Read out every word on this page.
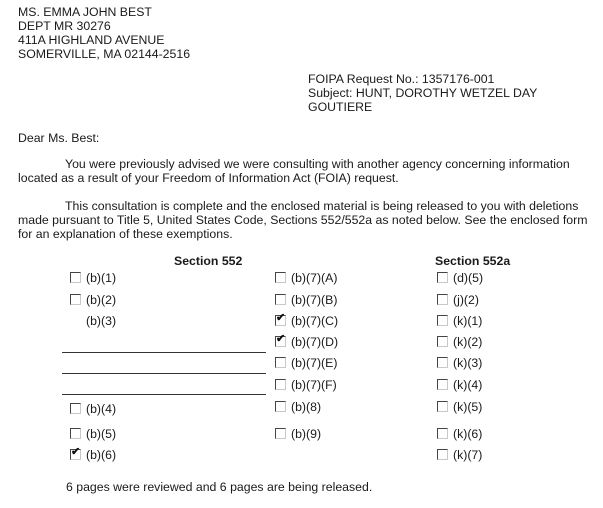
MS. EMMA JOHN BEST
DEPT MR 30276
411A HIGHLAND AVENUE
SOMERVILLE, MA 02144-2516
FOIPA Request No.: 1357176-001
Subject: HUNT, DOROTHY WETZEL DAY
GOUTIERE
Dear Ms. Best:
You were previously advised we were consulting with another agency concerning information
located as a result of your Freedom of Information Act (FOIA) request.
This consultation is complete and the enclosed material is being released to you with deletions
made pursuant to Title 5, United States Code, Sections 552/552a as noted below. See the enclosed form
for an explanation of these exemptions.
Section 552	Section 552a
(b)(1)
(b)(2)
(b)(3)
(b)(4)
(b)(5)
✔ (b)(6)
(b)(7)(A)
(b)(7)(B)
✔ (b)(7)(C)
✔ (b)(7)(D)
(b)(7)(E)
(b)(7)(F)
(b)(8)
(b)(9)
(d)(5)
(j)(2)
(k)(1)
(k)(2)
(k)(3)
(k)(4)
(k)(5)
(k)(6)
(k)(7)
6 pages were reviewed and 6 pages are being released.
